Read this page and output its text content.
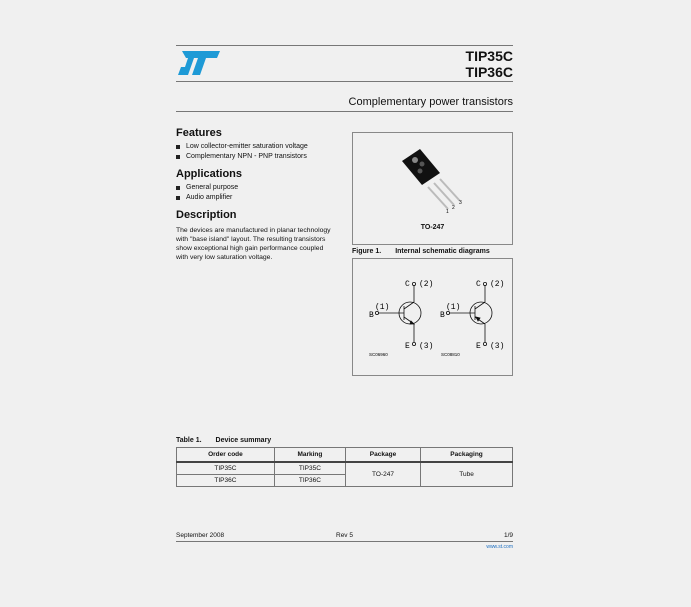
TIP35C
TIP36C
Complementary power transistors
Features
Low collector-emitter saturation voltage
Complementary NPN - PNP transistors
Applications
General purpose
Audio amplifier
Description
The devices are manufactured in planar technology with "base island" layout. The resulting transistors show exceptional high gain performance coupled with very low saturation voltage.
1
2
3
TO-247
Figure 1. Internal schematic diagrams
C (2)
B
(1)
E (3)
C (2)
B
(1)
E (3)
SC06960	SC08810
Table 1. Device summary
Order code	Marking	Package	Packaging
TIP35C	TIP35C	TO-247	Tube
TIP36C	TIP36C		
September 2008	Rev 5	1/9
www.st.com
